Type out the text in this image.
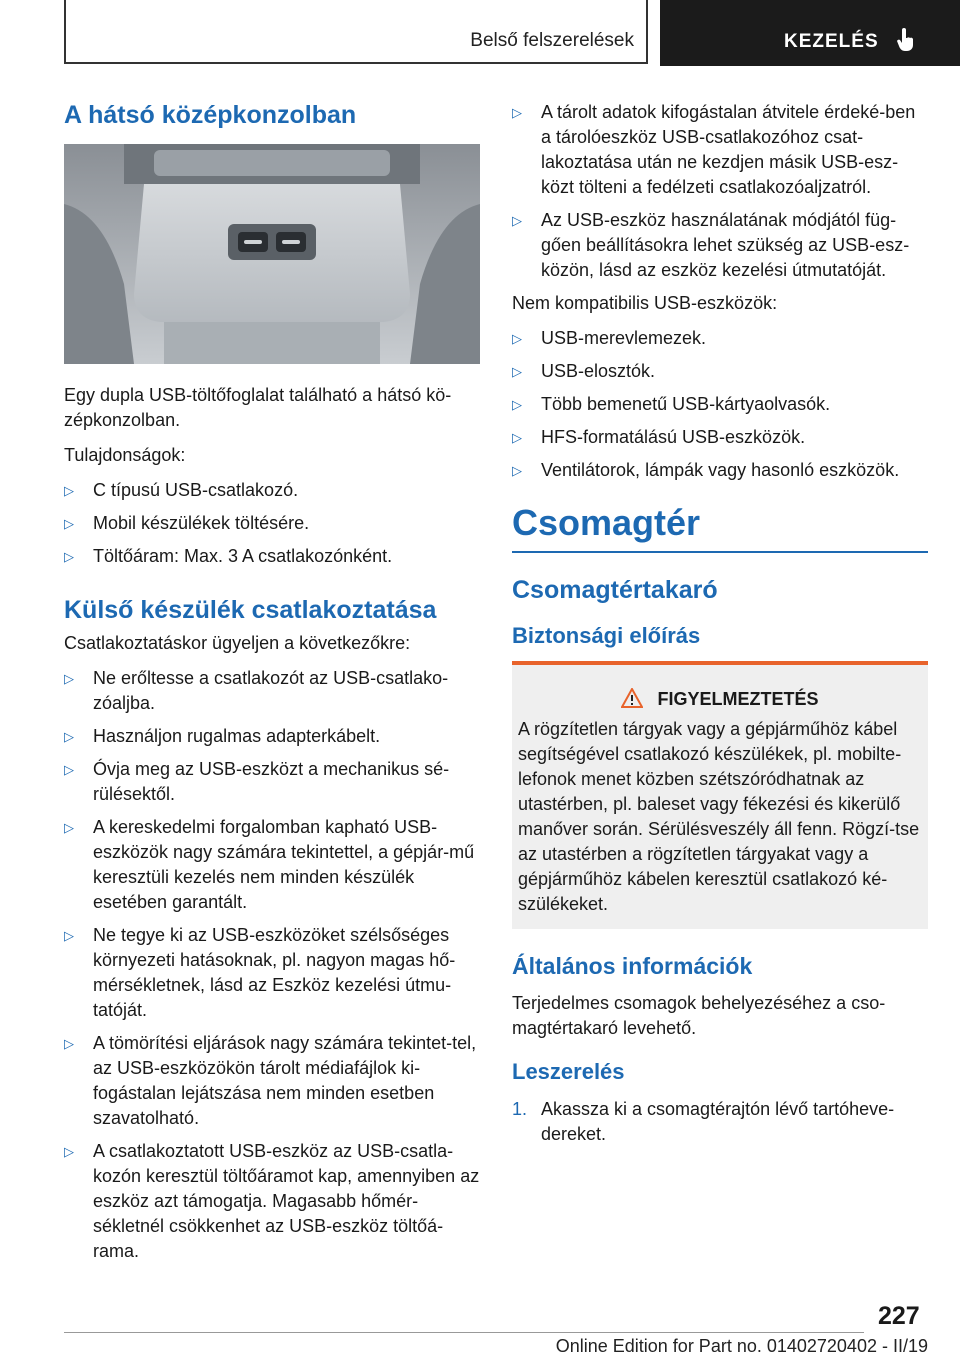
Belső felszerelések	KEZELÉS
A hátsó középkonzolban

Egy dupla USB-töltőfoglalat található a hátsó kö-zépkonzolban.

Tulajdonságok:

▷ C típusú USB-csatlakozó.
▷ Mobil készülékek töltésére.
▷ Töltőáram: Max. 3 A csatlakozónként.
Külső készülék csatlakoztatása

Csatlakoztatáskor ügyeljen a következőkre:

▷ Ne erőltesse a csatlakozót az USB-csatlako-zóaljba.
▷ Használjon rugalmas adapterkábelt.
▷ Óvja meg az USB-eszközt a mechanikus sé-rülésektől.
▷ A kereskedelmi forgalomban kapható USB-eszközök nagy számára tekintettel, a gépjár-mű keresztüli kezelés nem minden készülék esetében garantált.
▷ Ne tegye ki az USB-eszközöket szélsőséges környezeti hatásoknak, pl. nagyon magas hő-mérsékletnek, lásd az Eszköz kezelési útmu-tatóját.
▷ A tömörítési eljárások nagy számára tekintet-tel, az USB-eszközökön tárolt médiafájlok ki-fogástalan lejátszása nem minden esetben szavatolható.
▷ A csatlakoztatott USB-eszköz az USB-csatla-kozón keresztül töltőáramot kap, amennyiben az eszköz azt támogatja. Magasabb hőmér-sékletnél csökkenhet az USB-eszköz töltőá-rama.
▷ A tárolt adatok kifogástalan átvitele érdeké-ben a tárolóeszköz USB-csatlakozóhoz csat-lakoztatása után ne kezdjen másik USB-esz-közt tölteni a fedélzeti csatlakozóaljzatról.
▷ Az USB-eszköz használatának módjától füg-gően beállításokra lehet szükség az USB-esz-közön, lásd az eszköz kezelési útmutatóját.

Nem kompatibilis USB-eszközök:

▷ USB-merevlemezek.
▷ USB-elosztók.
▷ Több bemenetű USB-kártyaolvasók.
▷ HFS-formatálású USB-eszközök.
▷ Ventilátorok, lámpák vagy hasonló eszközök.
Csomagtér
Csomagtértakaró
Biztonsági előírás
FIGYELMEZTETÉS

A rögzítetlen tárgyak vagy a gépjárműhöz kábel segítségével csatlakozó készülékek, pl. mobilte-lefonok menet közben szétszóródhatnak az utastérben, pl. baleset vagy fékezési és kikerülő manőver során. Sérülésveszély áll fenn. Rögzí-tse az utastérben a rögzítetlen tárgyakat vagy a gépjárműhöz kábelen keresztül csatlakozó ké-szülékeket.

Általános információk

Terjedelmes csomagok behelyezéséhez a cso-magtértakaró levehető.

Leszerelés
1. Akassza ki a csomagtérajtón lévő tartóheve-dereket.
227
Online Edition for Part no. 01402720402 - II/19
